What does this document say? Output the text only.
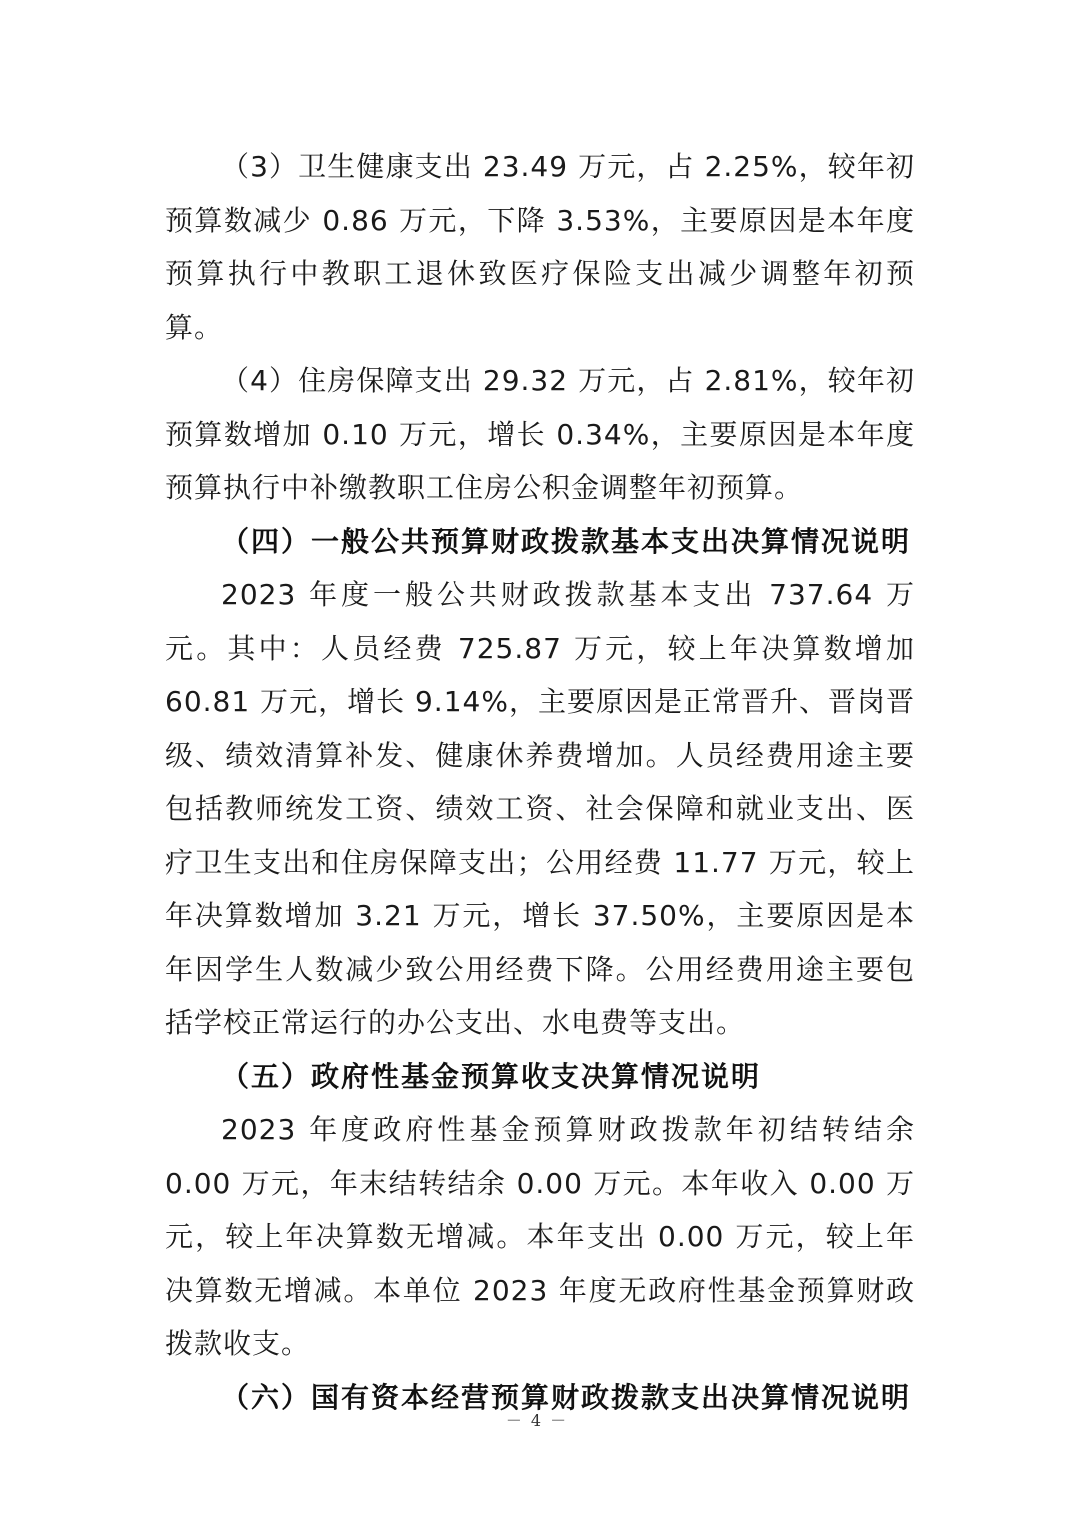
（3）卫生健康支出 23.49 万元，占 2.25%，较年初预算数减少 0.86 万元，下降 3.53%，主要原因是本年度预算执行中教职工退休致医疗保险支出减少调整年初预算。

（4）住房保障支出 29.32 万元，占 2.81%，较年初预算数增加 0.10 万元，增长 0.34%，主要原因是本年度预算执行中补缴教职工住房公积金调整年初预算。

（四）一般公共预算财政拨款基本支出决算情况说明

2023 年度一般公共财政拨款基本支出 737.64 万元。其中：人员经费 725.87 万元，较上年决算数增加 60.81 万元，增长 9.14%，主要原因是正常晋升、晋岗晋级、绩效清算补发、健康休养费增加。人员经费用途主要包括教师统发工资、绩效工资、社会保障和就业支出、医疗卫生支出和住房保障支出；公用经费 11.77 万元，较上年决算数增加 3.21 万元，增长 37.50%，主要原因是本年因学生人数减少致公用经费下降。公用经费用途主要包括学校正常运行的办公支出、水电费等支出。

（五）政府性基金预算收支决算情况说明

2023 年度政府性基金预算财政拨款年初结转结余 0.00 万元，年末结转结余 0.00 万元。本年收入 0.00 万元，较上年决算数无增减。本年支出 0.00 万元，较上年决算数无增减。本单位 2023 年度无政府性基金预算财政拨款收支。

（六）国有资本经营预算财政拨款支出决算情况说明

－ 4 －
